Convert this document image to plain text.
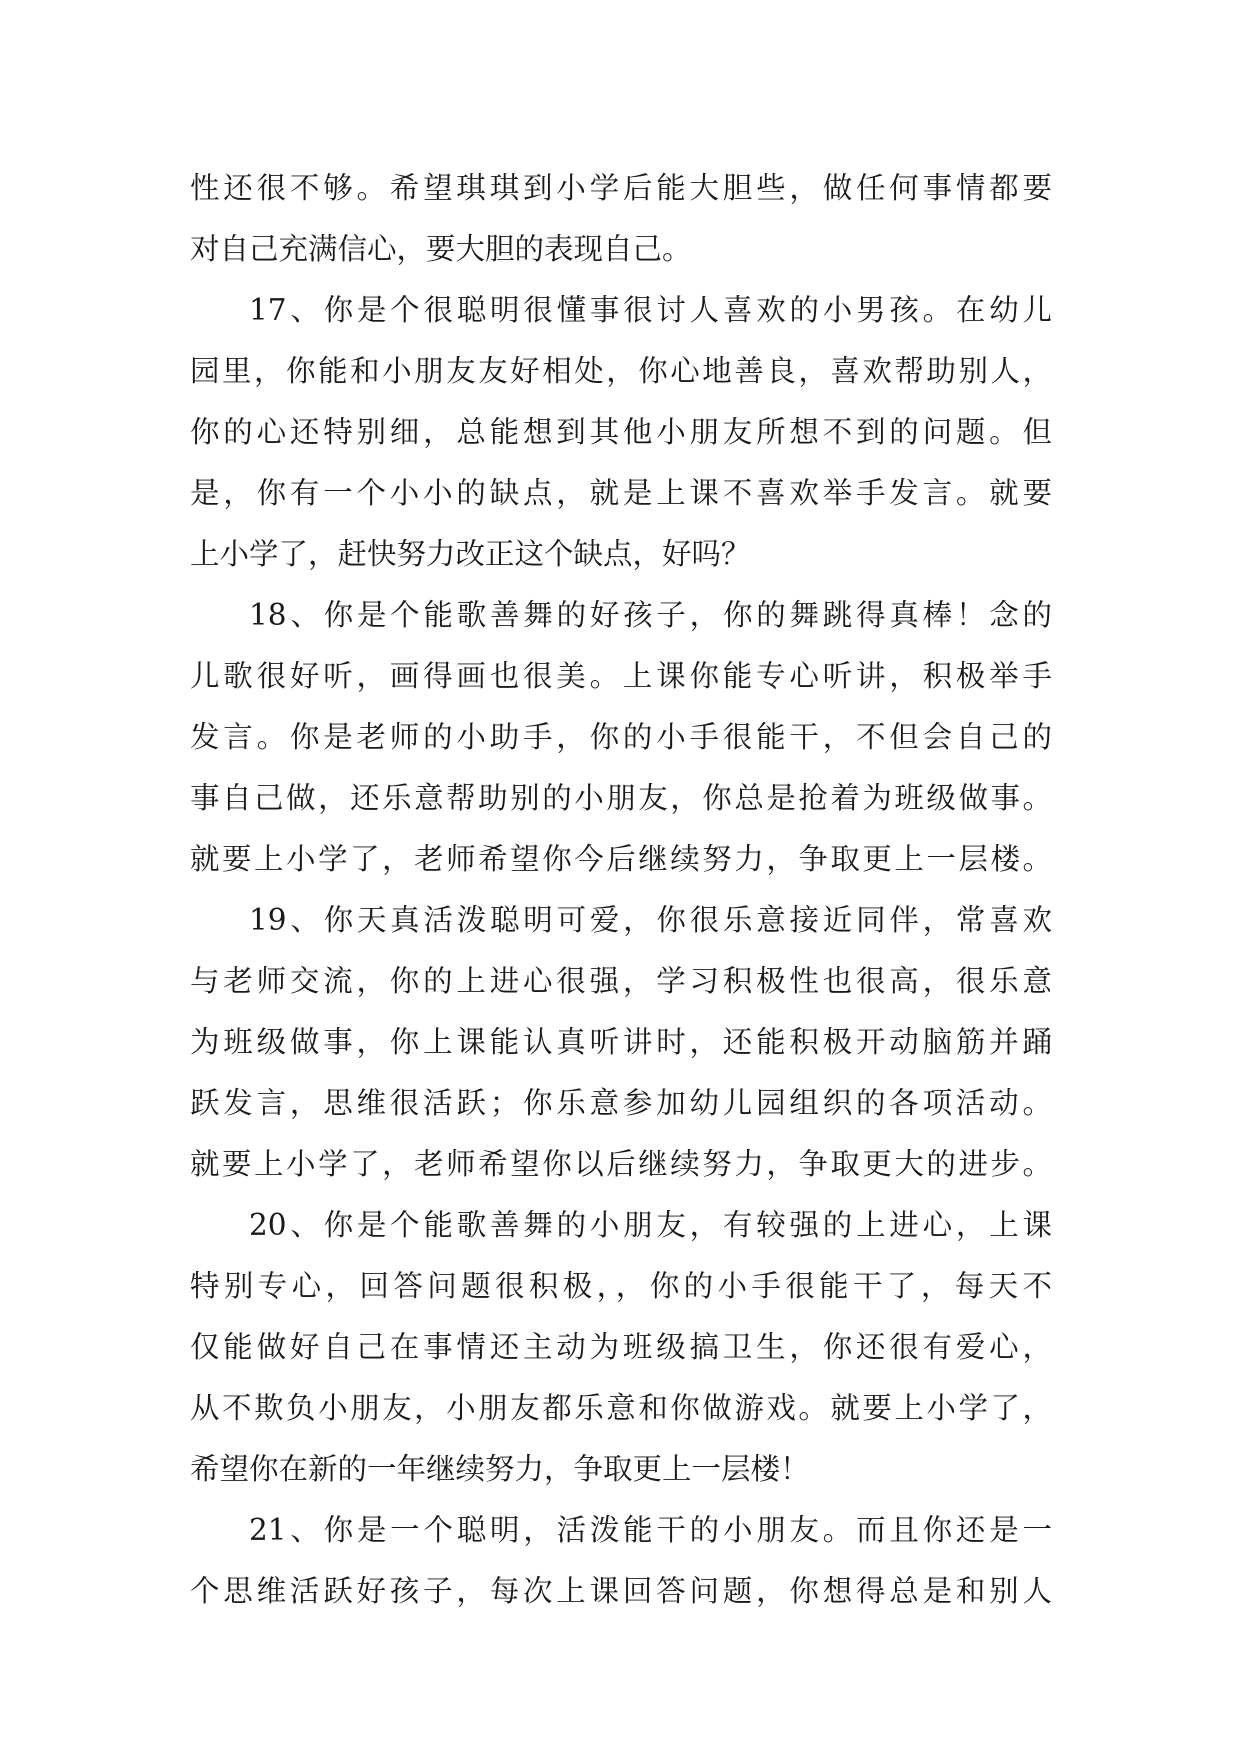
性还很不够。希望琪琪到小学后能大胆些，做任何事情都要
对自己充满信心，要大胆的表现自己。
17、你是个很聪明很懂事很讨人喜欢的小男孩。在幼儿
园里，你能和小朋友友好相处，你心地善良，喜欢帮助别人，
你的心还特别细，总能想到其他小朋友所想不到的问题。但
是，你有一个小小的缺点，就是上课不喜欢举手发言。就要
上小学了，赶快努力改正这个缺点，好吗？
18、你是个能歌善舞的好孩子，你的舞跳得真棒！念的
儿歌很好听，画得画也很美。上课你能专心听讲，积极举手
发言。你是老师的小助手，你的小手很能干，不但会自己的
事自己做，还乐意帮助别的小朋友，你总是抢着为班级做事。
就要上小学了，老师希望你今后继续努力，争取更上一层楼。
19、你天真活泼聪明可爱，你很乐意接近同伴，常喜欢
与老师交流，你的上进心很强，学习积极性也很高，很乐意
为班级做事，你上课能认真听讲时，还能积极开动脑筋并踊
跃发言，思维很活跃；你乐意参加幼儿园组织的各项活动。
就要上小学了，老师希望你以后继续努力，争取更大的进步。
20、你是个能歌善舞的小朋友，有较强的上进心，上课
特别专心，回答问题很积极，，你的小手很能干了，每天不
仅能做好自己在事情还主动为班级搞卫生，你还很有爱心，
从不欺负小朋友，小朋友都乐意和你做游戏。就要上小学了，
希望你在新的一年继续努力，争取更上一层楼！
21、你是一个聪明，活泼能干的小朋友。而且你还是一
个思维活跃好孩子，每次上课回答问题，你想得总是和别人
